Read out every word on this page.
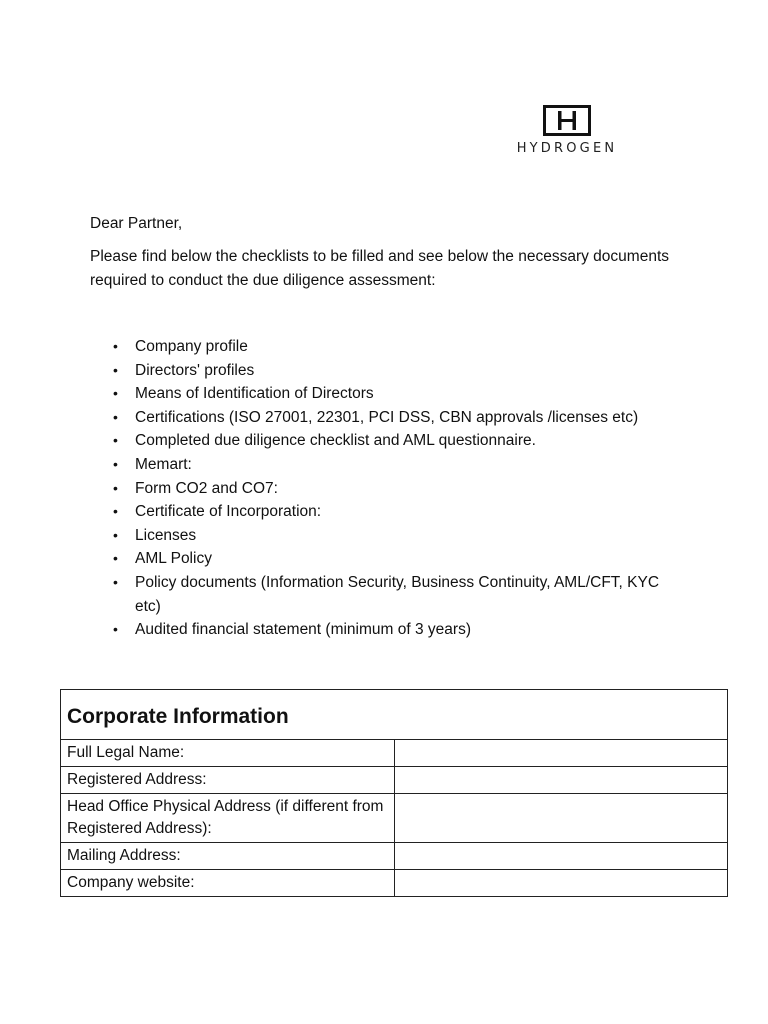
HYDROGEN

Dear Partner,

Please find below the checklists to be filled and see below the necessary documents required to conduct the due diligence assessment:

• Company profile
• Directors' profiles
• Means of Identification of Directors
• Certifications (ISO 27001, 22301, PCI DSS, CBN approvals /licenses etc)
• Completed due diligence checklist and AML questionnaire.
• Memart:
• Form CO2 and CO7:
• Certificate of Incorporation:
• Licenses
• AML Policy
• Policy documents (Information Security, Business Continuity, AML/CFT, KYC etc)
• Audited financial statement (minimum of 3 years)
Corporate Information	
Full Legal Name:	
Registered Address:	
Head Office Physical Address (if different from Registered Address):	
Mailing Address:	
Company website:	
